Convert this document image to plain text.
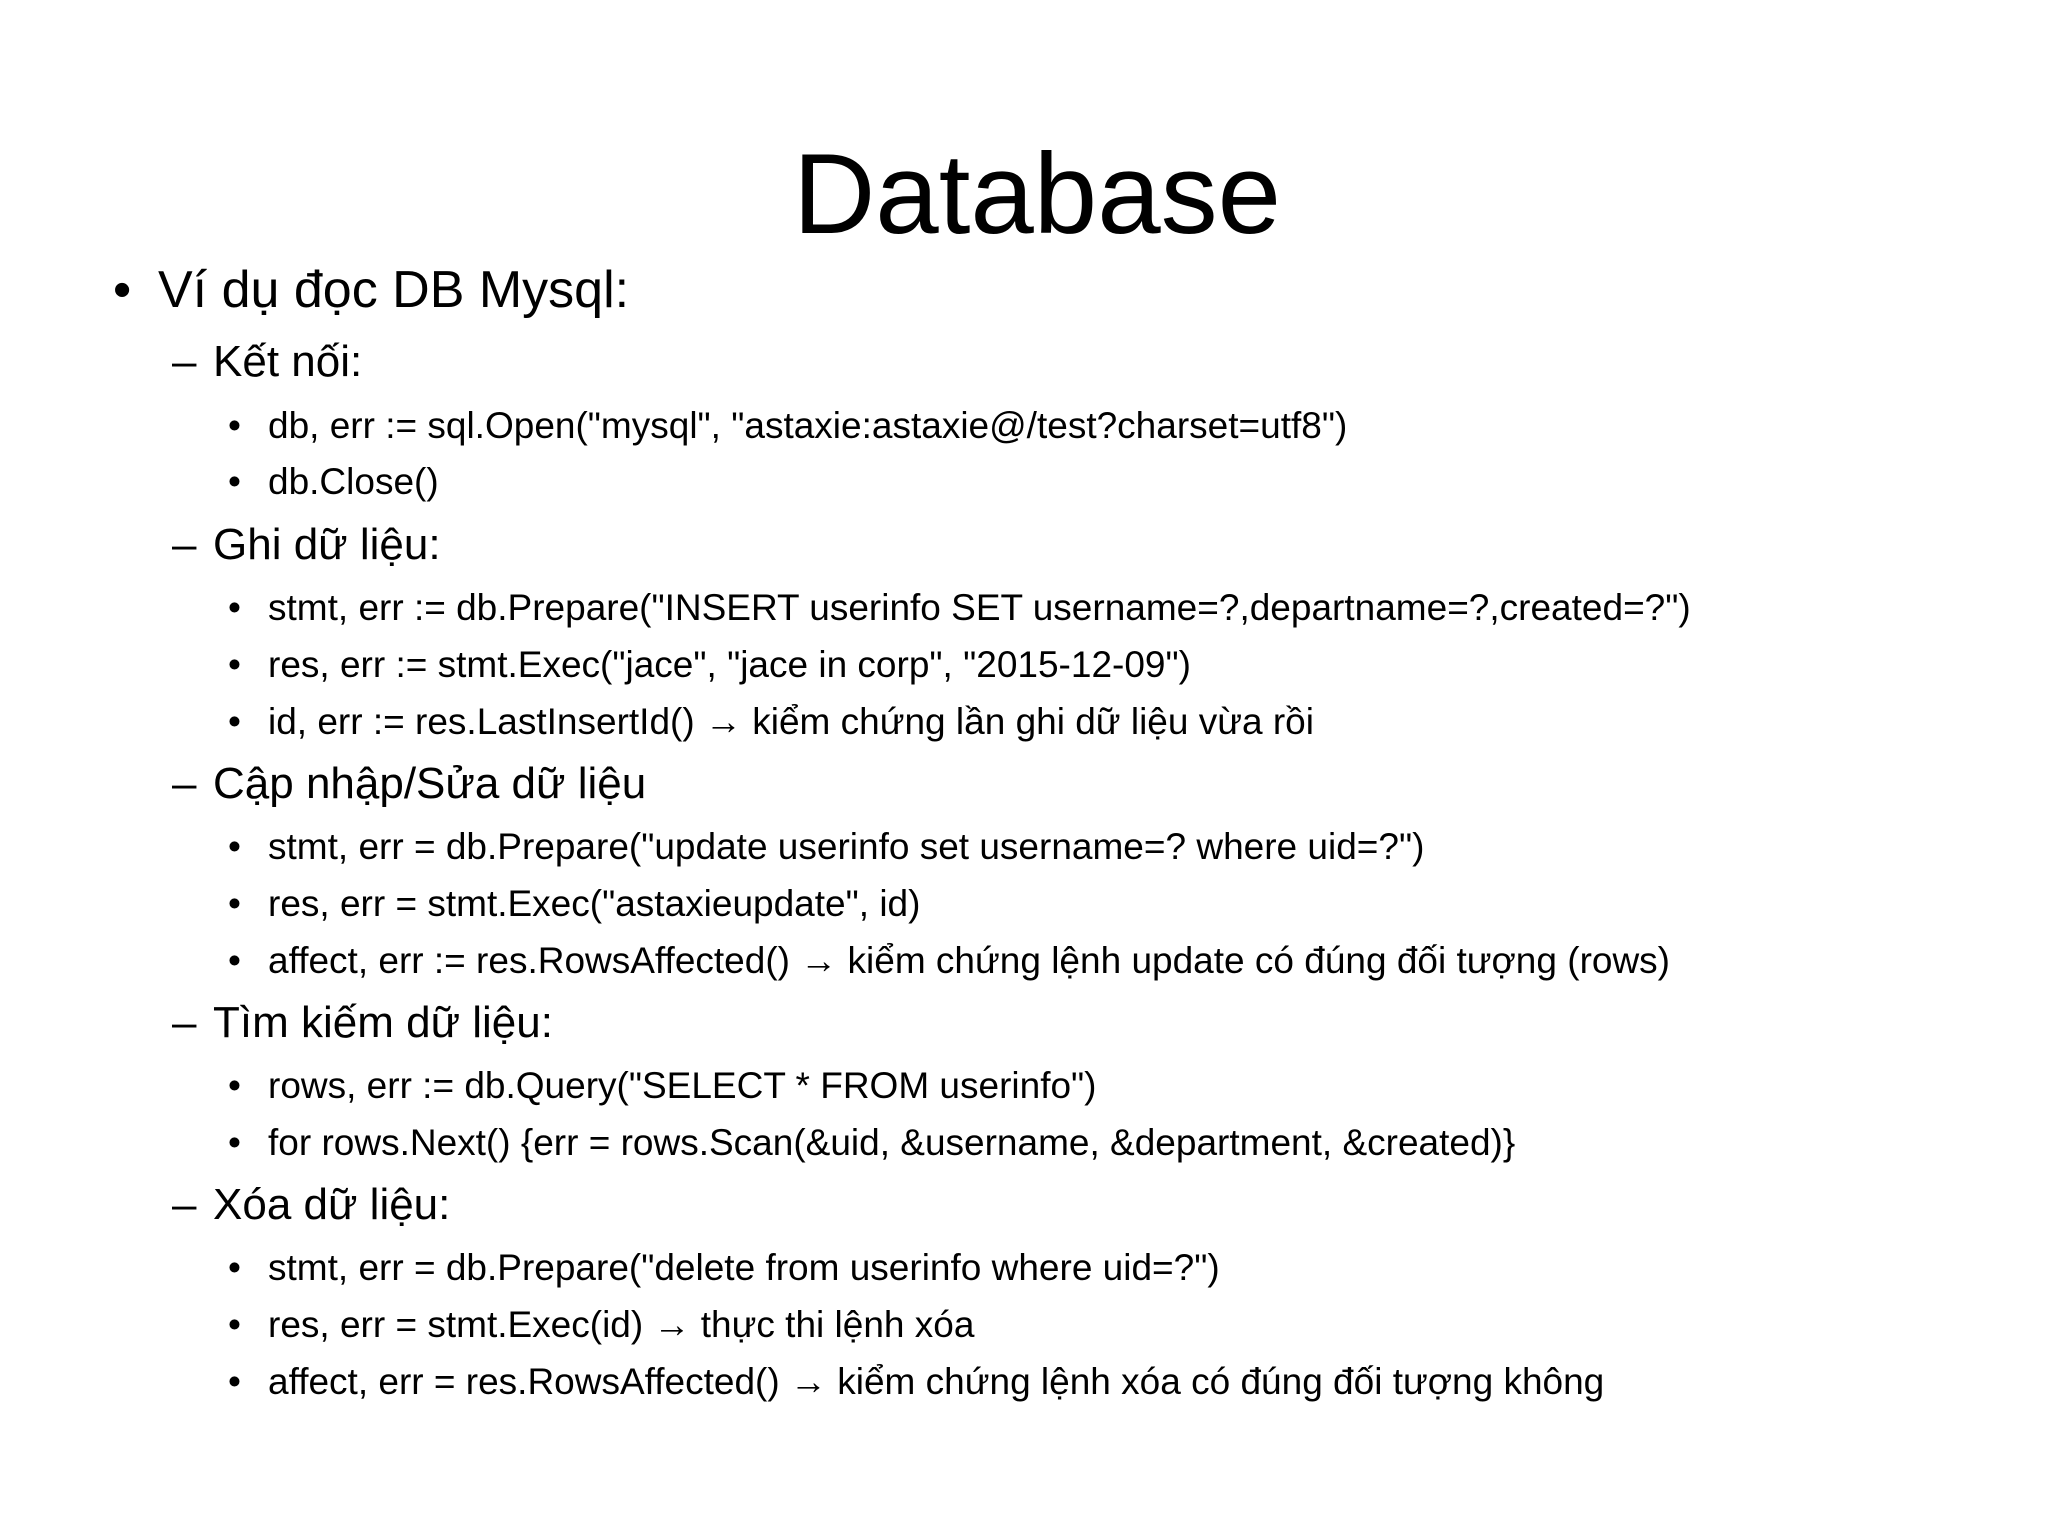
Database
• Ví dụ đọc DB Mysql:
– Kết nối:
• db, err := sql.Open("mysql", "astaxie:astaxie@/test?charset=utf8")
• db.Close()
– Ghi dữ liệu:
• stmt, err := db.Prepare("INSERT userinfo SET username=?,departname=?,created=?")
• res, err := stmt.Exec("jace", "jace in corp", "2015-12-09")
• id, err := res.LastInsertId() → kiểm chứng lần ghi dữ liệu vừa rồi
– Cập nhập/Sửa dữ liệu
• stmt, err = db.Prepare("update userinfo set username=? where uid=?")
• res, err = stmt.Exec("astaxieupdate", id)
• affect, err := res.RowsAffected() → kiểm chứng lệnh update có đúng đối tượng (rows)
– Tìm kiếm dữ liệu:
• rows, err := db.Query("SELECT * FROM userinfo")
• for rows.Next() {err = rows.Scan(&uid, &username, &department, &created)}
– Xóa dữ liệu:
• stmt, err = db.Prepare("delete from userinfo where uid=?")
• res, err = stmt.Exec(id) → thực thi lệnh xóa
• affect, err = res.RowsAffected() → kiểm chứng lệnh xóa có đúng đối tượng không
